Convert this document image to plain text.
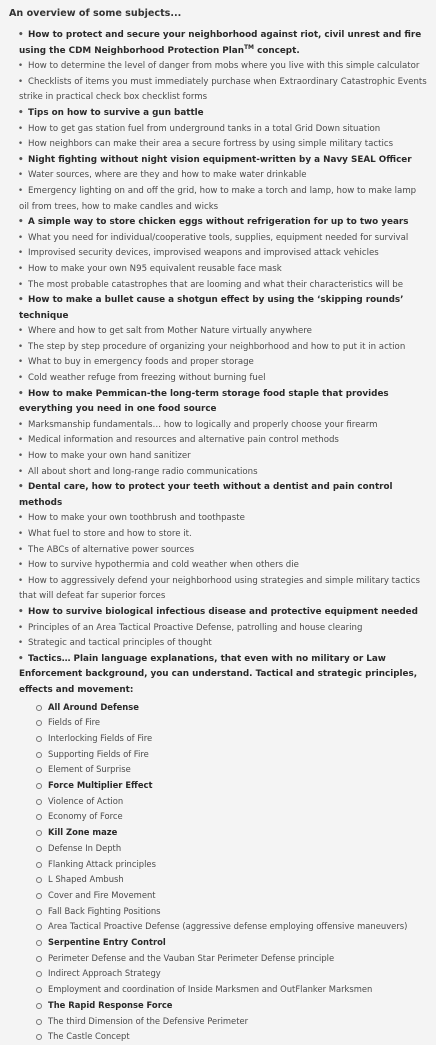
An overview of some subjects...
• How to protect and secure your neighborhood against riot, civil unrest and fire using the CDM Neighborhood Protection Plan™ concept.
• How to determine the level of danger from mobs where you live with this simple calculator
• Checklists of items you must immediately purchase when Extraordinary Catastrophic Events strike in practical check box checklist forms
• Tips on how to survive a gun battle
• How to get gas station fuel from underground tanks in a total Grid Down situation
• How neighbors can make their area a secure fortress by using simple military tactics
• Night fighting without night vision equipment-written by a Navy SEAL Officer
• Water sources, where are they and how to make water drinkable
• Emergency lighting on and off the grid, how to make a torch and lamp, how to make lamp oil from trees, how to make candles and wicks
• A simple way to store chicken eggs without refrigeration for up to two years
• What you need for individual/cooperative tools, supplies, equipment needed for survival
• Improvised security devices, improvised weapons and improvised attack vehicles
• How to make your own N95 equivalent reusable face mask
• The most probable catastrophes that are looming and what their characteristics will be
• How to make a bullet cause a shotgun effect by using the ‘skipping rounds’ technique
• Where and how to get salt from Mother Nature virtually anywhere
• The step by step procedure of organizing your neighborhood and how to put it in action
• What to buy in emergency foods and proper storage
• Cold weather refuge from freezing without burning fuel
• How to make Pemmican-the long-term storage food staple that provides everything you need in one food source
• Marksmanship fundamentals… how to logically and properly choose your firearm
• Medical information and resources and alternative pain control methods
• How to make your own hand sanitizer
• All about short and long-range radio communications
• Dental care, how to protect your teeth without a dentist and pain control methods
• How to make your own toothbrush and toothpaste
• What fuel to store and how to store it.
• The ABCs of alternative power sources
• How to survive hypothermia and cold weather when others die
• How to aggressively defend your neighborhood using strategies and simple military tactics that will defeat far superior forces
• How to survive biological infectious disease and protective equipment needed
• Principles of an Area Tactical Proactive Defense, patrolling and house clearing
• Strategic and tactical principles of thought
• Tactics… Plain language explanations, that even with no military or Law Enforcement background, you can understand. Tactical and strategic principles, effects and movement:
All Around Defense
Fields of Fire
Interlocking Fields of Fire
Supporting Fields of Fire
Element of Surprise
Force Multiplier Effect
Violence of Action
Economy of Force
Kill Zone maze
Defense In Depth
Flanking Attack principles
L Shaped Ambush
Cover and Fire Movement
Fall Back Fighting Positions
Area Tactical Proactive Defense (aggressive defense employing offensive maneuvers)
Serpentine Entry Control
Perimeter Defense and the Vauban Star Perimeter Defense principle
Indirect Approach Strategy
Employment and coordination of Inside Marksmen and OutFlanker Marksmen
The Rapid Response Force
The third Dimension of the Defensive Perimeter
The Castle Concept
